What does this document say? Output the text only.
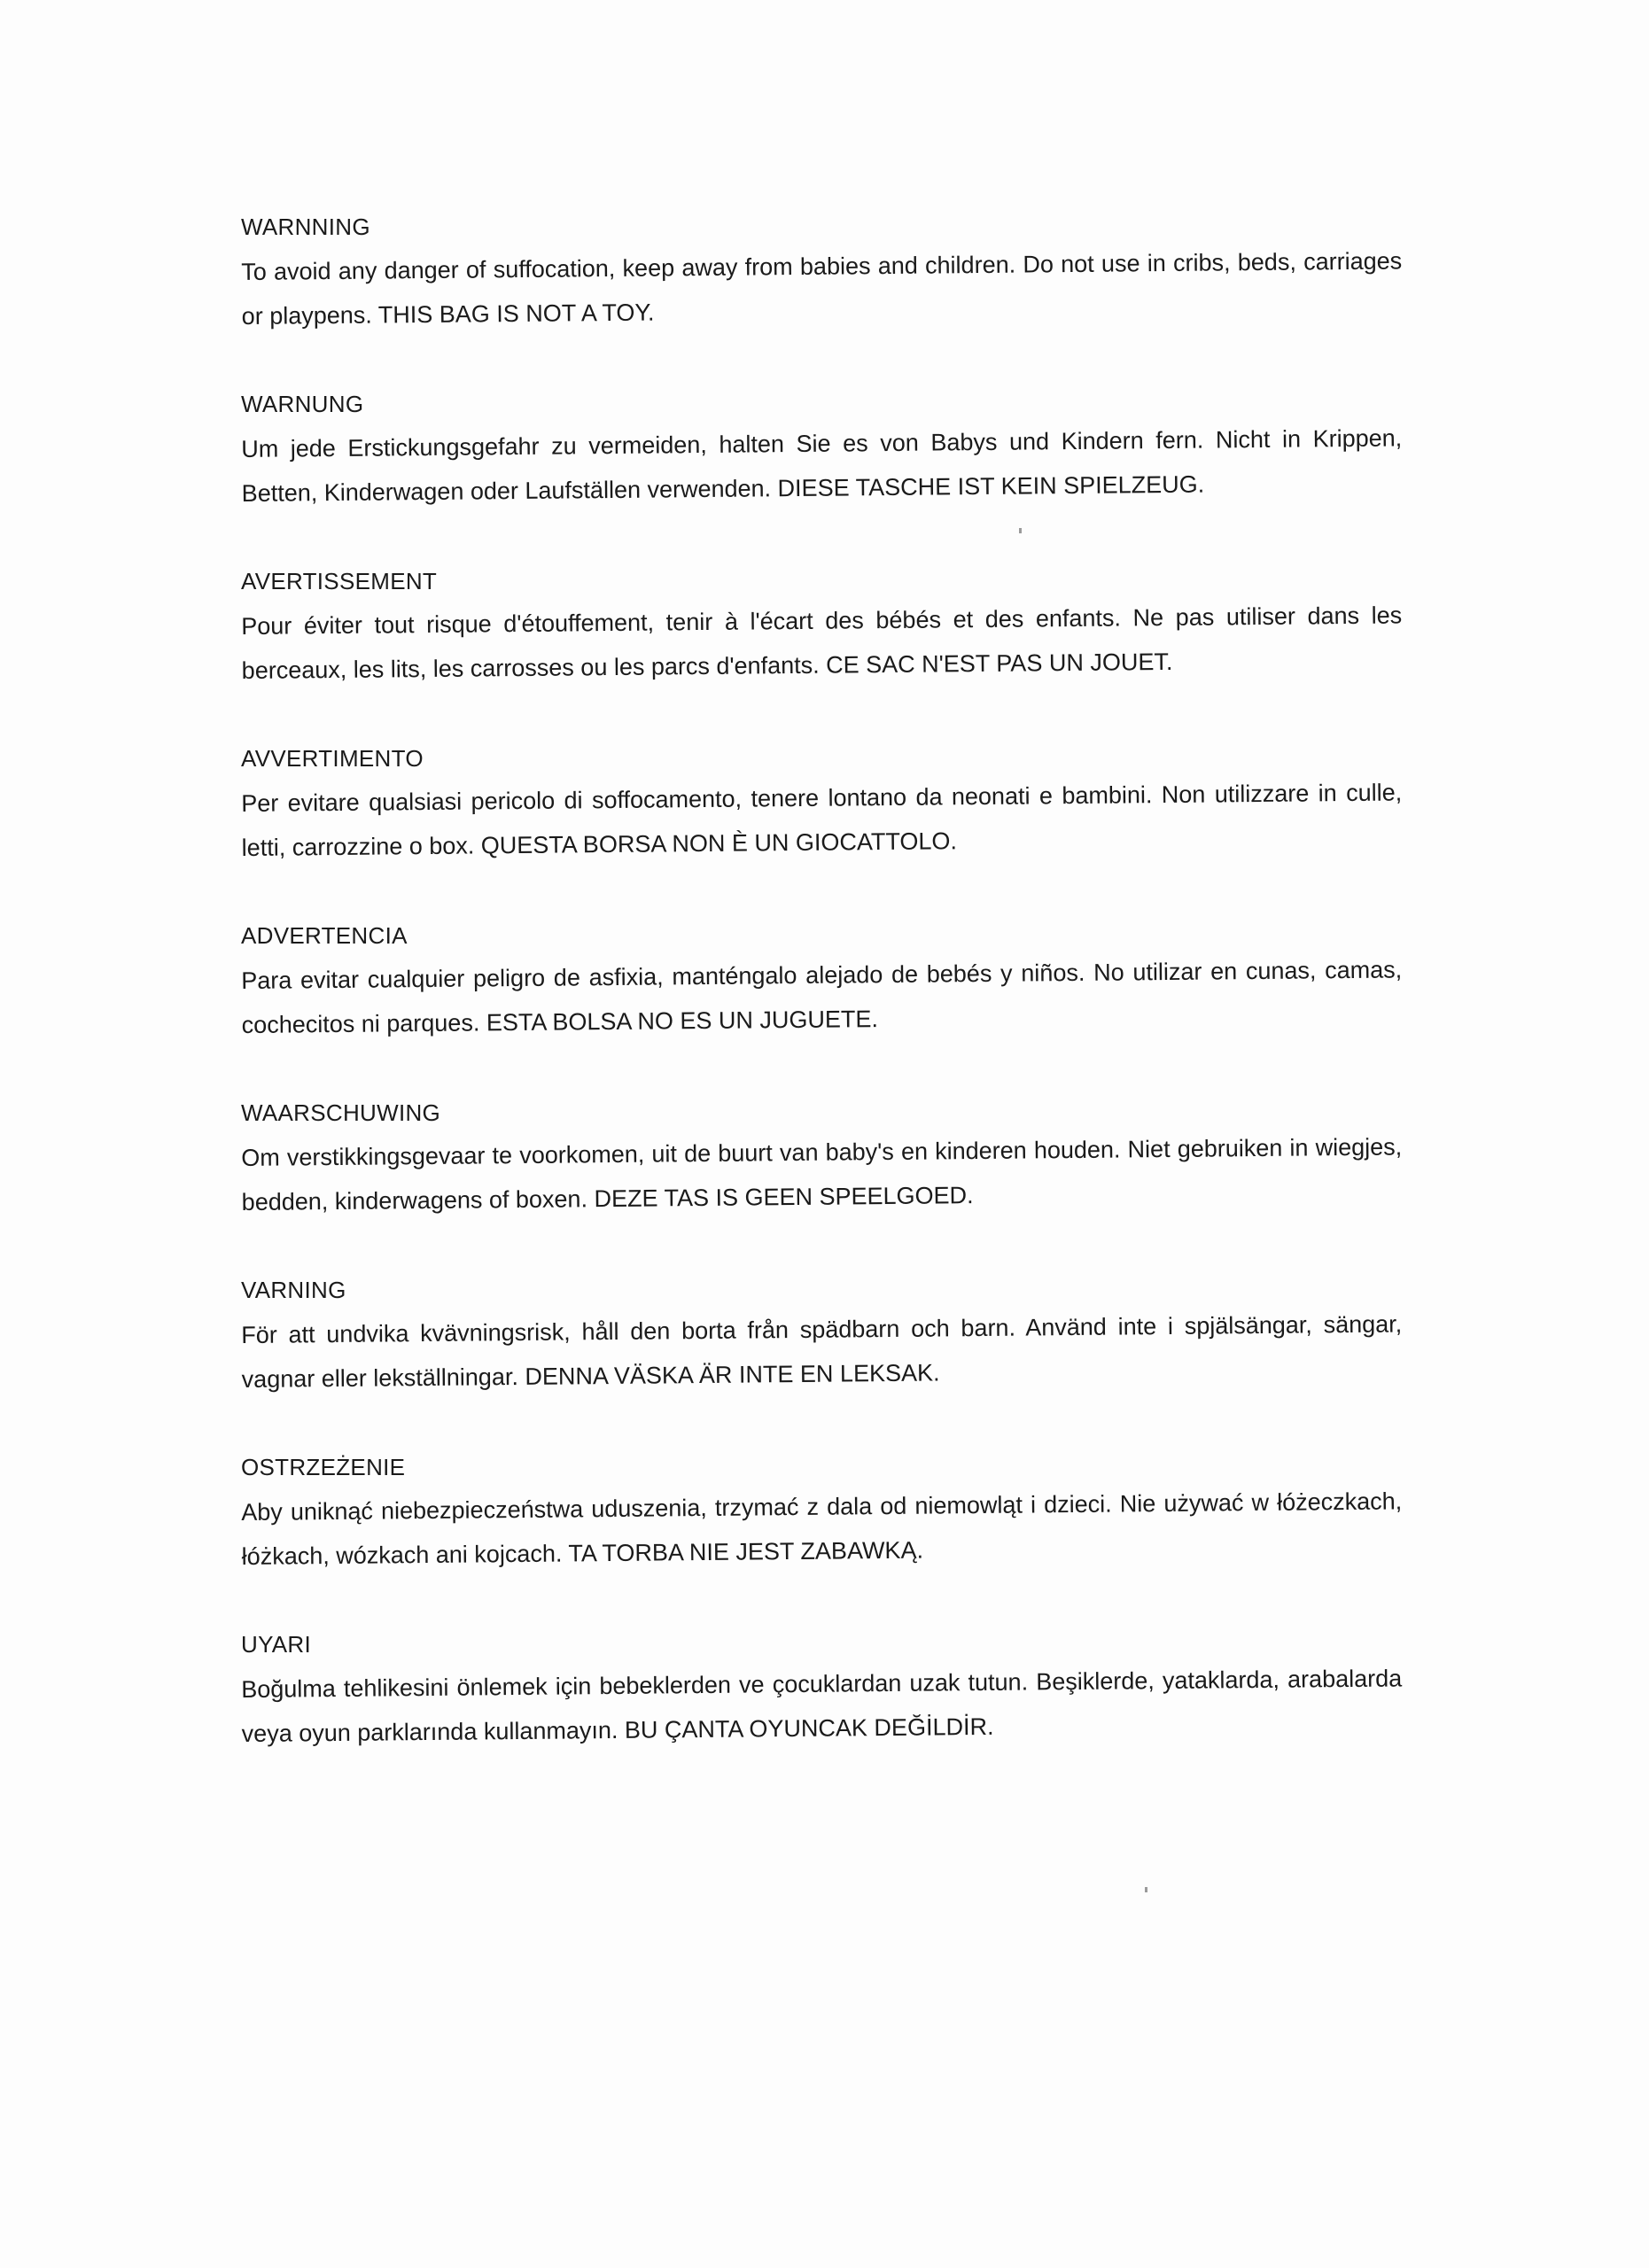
WARNNING

To avoid any danger of suffocation, keep away from babies and children. Do not use in cribs, beds, carriages or playpens. THIS BAG IS NOT A TOY.

WARNUNG

Um jede Erstickungsgefahr zu vermeiden, halten Sie es von Babys und Kindern fern. Nicht in Krippen, Betten, Kinderwagen oder Laufställen verwenden. DIESE TASCHE IST KEIN SPIELZEUG.

AVERTISSEMENT

Pour éviter tout risque d'étouffement, tenir à l'écart des bébés et des enfants. Ne pas utiliser dans les berceaux, les lits, les carrosses ou les parcs d'enfants. CE SAC N'EST PAS UN JOUET.

AVVERTIMENTO

Per evitare qualsiasi pericolo di soffocamento, tenere lontano da neonati e bambini. Non utilizzare in culle, letti, carrozzine o box. QUESTA BORSA NON È UN GIOCATTOLO.

ADVERTENCIA

Para evitar cualquier peligro de asfixia, manténgalo alejado de bebés y niños. No utilizar en cunas, camas, cochecitos ni parques. ESTA BOLSA NO ES UN JUGUETE.

WAARSCHUWING

Om verstikkingsgevaar te voorkomen, uit de buurt van baby's en kinderen houden. Niet gebruiken in wiegjes, bedden, kinderwagens of boxen. DEZE TAS IS GEEN SPEELGOED.

VARNING

För att undvika kvävningsrisk, håll den borta från spädbarn och barn. Använd inte i spjälsängar, sängar, vagnar eller lekställningar. DENNA VÄSKA ÄR INTE EN LEKSAK.

OSTRZEŻENIE

Aby uniknąć niebezpieczeństwa uduszenia, trzymać z dala od niemowląt i dzieci. Nie używać w łóżeczkach, łóżkach, wózkach ani kojcach. TA TORBA NIE JEST ZABAWKĄ.

UYARI

Boğulma tehlikesini önlemek için bebeklerden ve çocuklardan uzak tutun. Beşiklerde, yataklarda, arabalarda veya oyun parklarında kullanmayın. BU ÇANTA OYUNCAK DEĞİLDİR.
